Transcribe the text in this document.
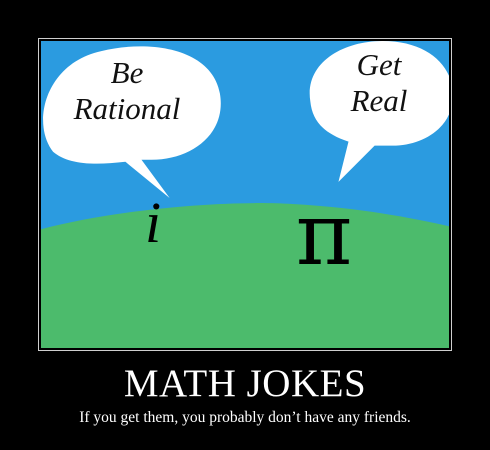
Be
Rational
Get
Real
i π
MATH JOKES
If you get them, you probably don’t have any friends.
